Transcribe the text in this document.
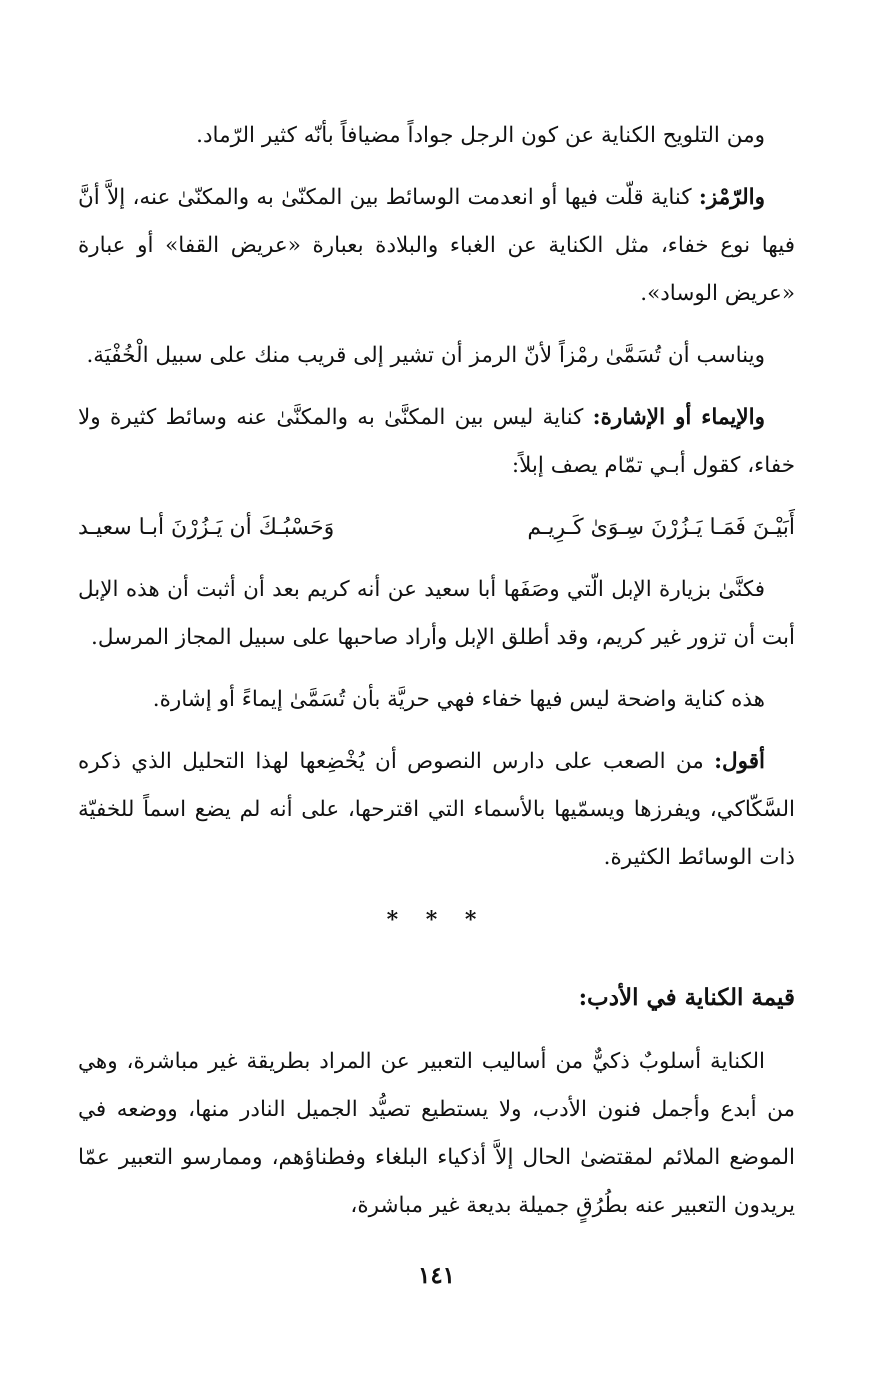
ومن التلويح الكناية عن كون الرجل جواداً مضيافاً بأنّه كثير الرّماد.

والرّمْز: كناية قلّت فيها أو انعدمت الوسائط بين المكنّىٰ به والمكنّىٰ عنه، إلاَّ أنَّ فيها نوع خفاء، مثل الكناية عن الغباء والبلادة بعبارة «عريض القفا» أو عبارة «عريض الوساد».

ويناسب أن تُسَمَّىٰ رمْزاً لأنّ الرمز أن تشير إلى قريب منك على سبيل الْخُفْيَة.

والإيماء أو الإشارة: كناية ليس بين المكنَّىٰ به والمكنَّىٰ عنه وسائط كثيرة ولا خفاء، كقول أبـي تمّام يصف إبلاً:

أَبَيْـنَ فَمَـا يَـزُرْنَ سِـوَىٰ كَـرِيـم
وَحَسْبُـكَ أن يَـزُرْنَ أبـا سعيـد

فكنَّىٰ بزيارة الإبل الّتي وصَفَها أبا سعيد عن أنه كريم بعد أن أثبت أن هذه الإبل أبت أن تزور غير كريم، وقد أطلق الإبل وأراد صاحبها على سبيل المجاز المرسل.

هذه كناية واضحة ليس فيها خفاء فهي حريَّة بأن تُسَمَّىٰ إيماءً أو إشارة.

أقول: من الصعب على دارس النصوص أن يُخْضِعها لهذا التحليل الذي ذكره السَّكّاكي، ويفرزها ويسمّيها بالأسماء التي اقترحها، على أنه لم يضع اسماً للخفيّة ذات الوسائط الكثيرة.

* * *
قيمة الكناية في الأدب:

الكناية أسلوبٌ ذكيٌّ من أساليب التعبير عن المراد بطريقة غير مباشرة، وهي من أبدع وأجمل فنون الأدب، ولا يستطيع تصيُّد الجميل النادر منها، ووضعه في الموضع الملائم لمقتضىٰ الحال إلاَّ أذكياء البلغاء وفطناؤهم، وممارسو التعبير عمّا يريدون التعبير عنه بطُرُقٍ جميلة بديعة غير مباشرة،

١٤١
